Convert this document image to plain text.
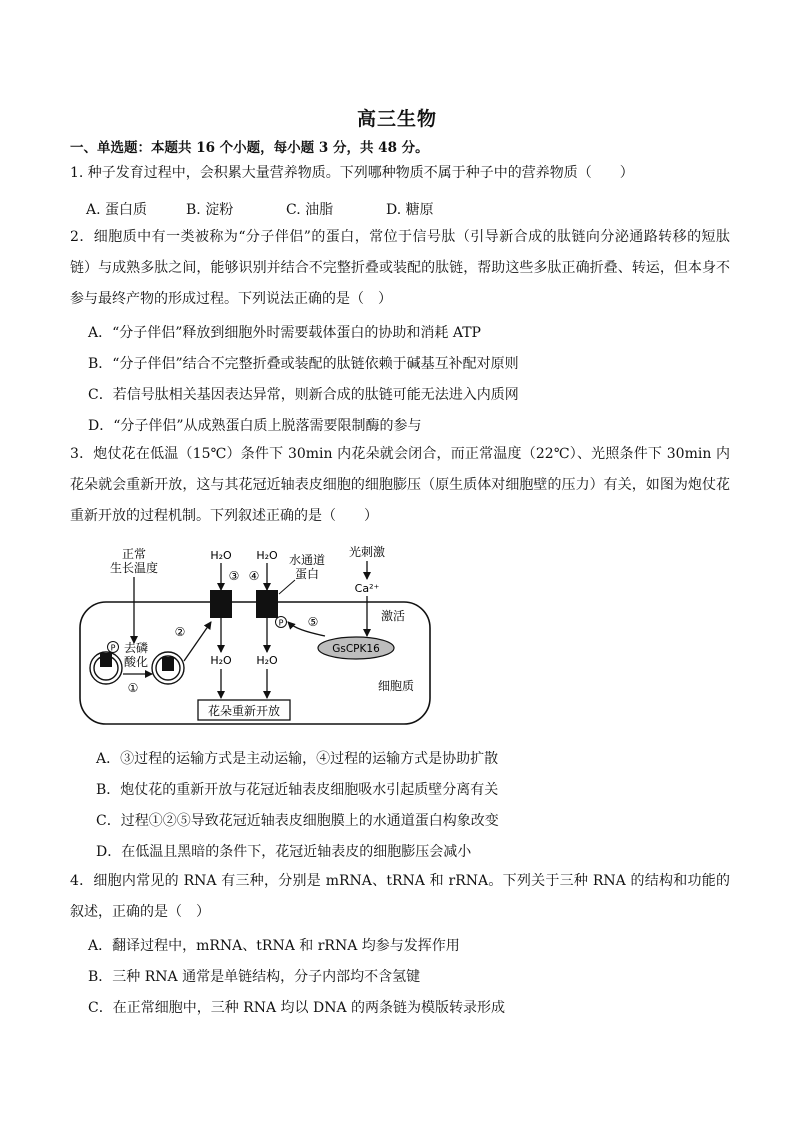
高三生物
一、单选题：本题共 16 个小题，每小题 3 分，共 48 分。
1. 种子发育过程中，会积累大量营养物质。下列哪种物质不属于种子中的营养物质（　　）
A. 蛋白质	B. 淀粉	C. 油脂	D. 糖原
2．细胞质中有一类被称为“分子伴侣”的蛋白，常位于信号肽（引导新合成的肽链向分泌通路转移的短肽链）与成熟多肽之间，能够识别并结合不完整折叠或装配的肽链，帮助这些多肽正确折叠、转运，但本身不参与最终产物的形成过程。下列说法正确的是（　）
A．“分子伴侣”释放到细胞外时需要载体蛋白的协助和消耗 ATP
B．“分子伴侣”结合不完整折叠或装配的肽链依赖于碱基互补配对原则
C．若信号肽相关基因表达异常，则新合成的肽链可能无法进入内质网
D．“分子伴侣”从成熟蛋白质上脱落需要限制酶的参与
3．炮仗花在低温（15℃）条件下 30min 内花朵就会闭合，而正常温度（22℃）、光照条件下 30min 内花朵就会重新开放，这与其花冠近轴表皮细胞的细胞膨压（原生质体对细胞壁的压力）有关，如图为炮仗花重新开放的过程机制。下列叙述正确的是（　　）
正常
生长温度
P 去磷
酸化
①
②
H₂O
③
H₂O
H₂O
④
H₂O
水通道
蛋白
P ⑤
光刺激
Ca²⁺
激活
GsCPK16
细胞质
花朵重新开放
A．③过程的运输方式是主动运输，④过程的运输方式是协助扩散
B．炮仗花的重新开放与花冠近轴表皮细胞吸水引起质壁分离有关
C．过程①②⑤导致花冠近轴表皮细胞膜上的水通道蛋白构象改变
D．在低温且黑暗的条件下，花冠近轴表皮的细胞膨压会减小
4．细胞内常见的 RNA 有三种，分别是 mRNA、tRNA 和 rRNA。下列关于三种 RNA 的结构和功能的叙述，正确的是（　）
A．翻译过程中，mRNA、tRNA 和 rRNA 均参与发挥作用
B．三种 RNA 通常是单链结构，分子内部均不含氢键
C．在正常细胞中，三种 RNA 均以 DNA 的两条链为模版转录形成
